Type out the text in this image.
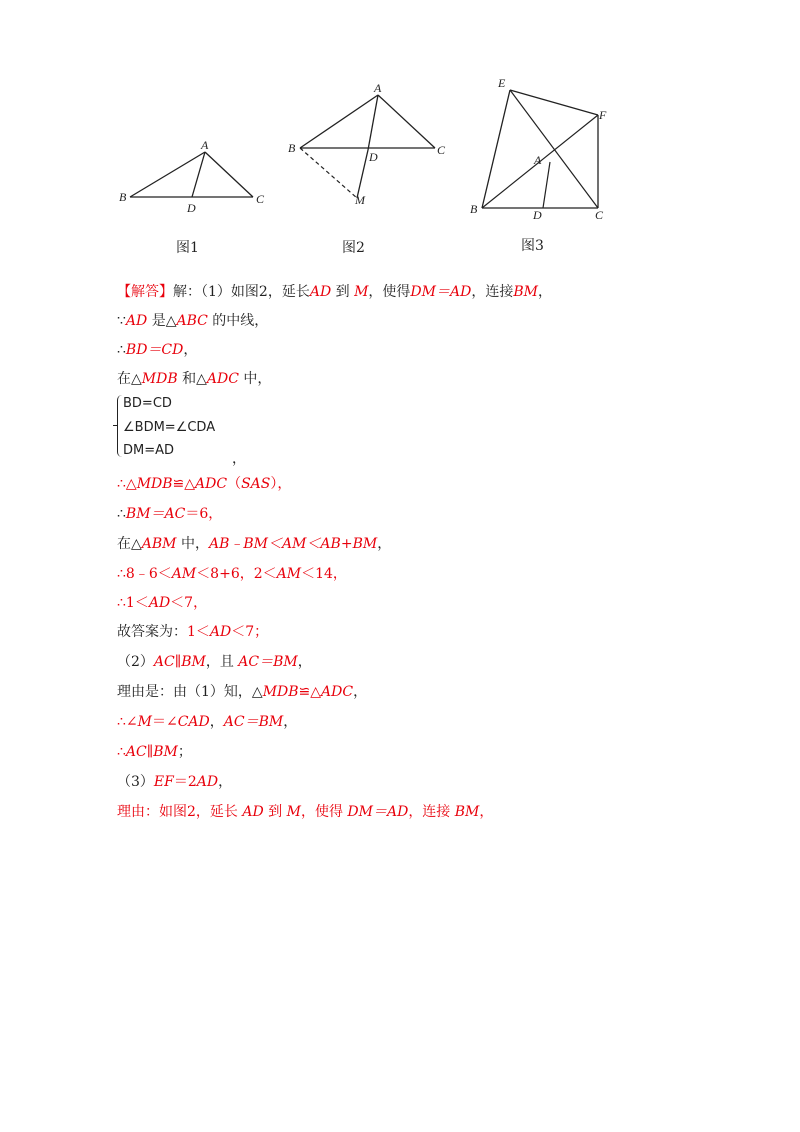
A
B	C
D
图1
A
B	C
D
M
图2
E
F
A
B	C
D
图3
【解答】解：（1）如图2，延长AD 到 M，使得DM＝AD，连接BM，
∵AD 是△ABC 的中线，
∴BD＝CD，
在△MDB 和△ADC 中，
BD=CD
∠BDM=∠CDA
DM=AD
，
∴△MDB≌△ADC（SAS），
∴BM＝AC＝6，
在△ABM 中，AB﹣BM＜AM＜AB+BM，
∴8﹣6＜AM＜8+6，2＜AM＜14，
∴1＜AD＜7，
故答案为：1＜AD＜7；
（2）AC∥BM，且 AC＝BM，
理由是：由（1）知，△MDB≌△ADC，
∴∠M＝∠CAD，AC＝BM，
∴AC∥BM；
（3）EF＝2AD，
理由：如图2，延长 AD 到 M，使得 DM＝AD，连接 BM，
